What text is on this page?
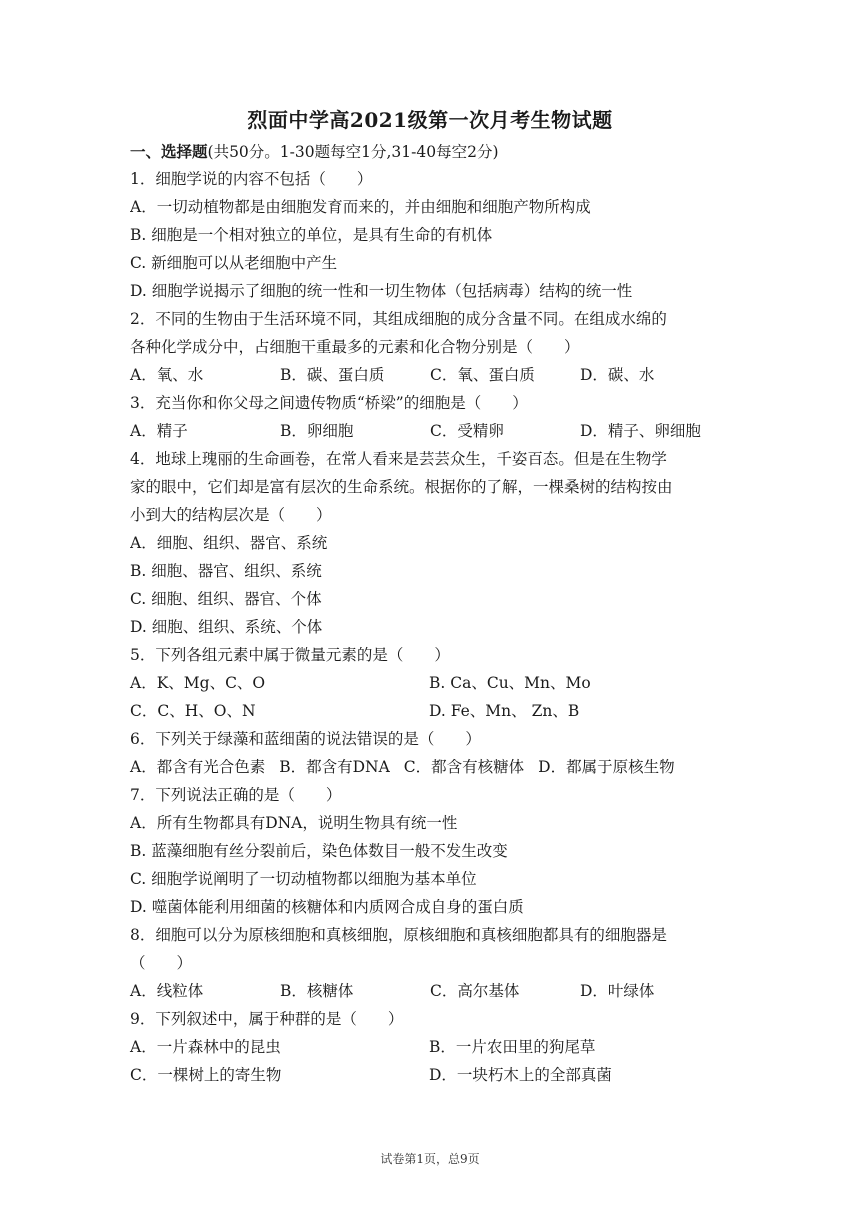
烈面中学高2021级第一次月考生物试题
一、选择题(共50分。1-30题每空1分,31-40每空2分)
1．细胞学说的内容不包括（　　）
A．一切动植物都是由细胞发育而来的，并由细胞和细胞产物所构成
B. 细胞是一个相对独立的单位，是具有生命的有机体
C. 新细胞可以从老细胞中产生
D. 细胞学说揭示了细胞的统一性和一切生物体（包括病毒）结构的统一性
2．不同的生物由于生活环境不同，其组成细胞的成分含量不同。在组成水绵的
各种化学成分中，占细胞干重最多的元素和化合物分别是（　　）
A．氧、水	B．碳、蛋白质	C．氧、蛋白质	D．碳、水
3．充当你和你父母之间遗传物质“桥梁”的细胞是（　　）
A．精子	B．卵细胞	C．受精卵	D．精子、卵细胞
4．地球上瑰丽的生命画卷，在常人看来是芸芸众生，千姿百态。但是在生物学
家的眼中，它们却是富有层次的生命系统。根据你的了解，一棵桑树的结构按由
小到大的结构层次是（　　）
A．细胞、组织、器官、系统
B. 细胞、器官、组织、系统
C. 细胞、组织、器官、个体
D. 细胞、组织、系统、个体
5．下列各组元素中属于微量元素的是（　　）
A．K、Mg、C、O	B. Ca、Cu、Mn、Mo
C．C、H、O、N	D. Fe、Mn、 Zn、B
6．下列关于绿藻和蓝细菌的说法错误的是（　　）
A．都含有光合色素 B．都含有DNA C．都含有核糖体 D．都属于原核生物
7．下列说法正确的是（　　）
A．所有生物都具有DNA，说明生物具有统一性
B. 蓝藻细胞有丝分裂前后，染色体数目一般不发生改变
C. 细胞学说阐明了一切动植物都以细胞为基本单位
D. 噬菌体能利用细菌的核糖体和内质网合成自身的蛋白质
8．细胞可以分为原核细胞和真核细胞，原核细胞和真核细胞都具有的细胞器是
（　　）
A．线粒体	B．核糖体	C．高尔基体	D．叶绿体
9．下列叙述中，属于种群的是（　　）
A．一片森林中的昆虫	B．一片农田里的狗尾草
C．一棵树上的寄生物	D．一块朽木上的全部真菌
试卷第1页，总9页
